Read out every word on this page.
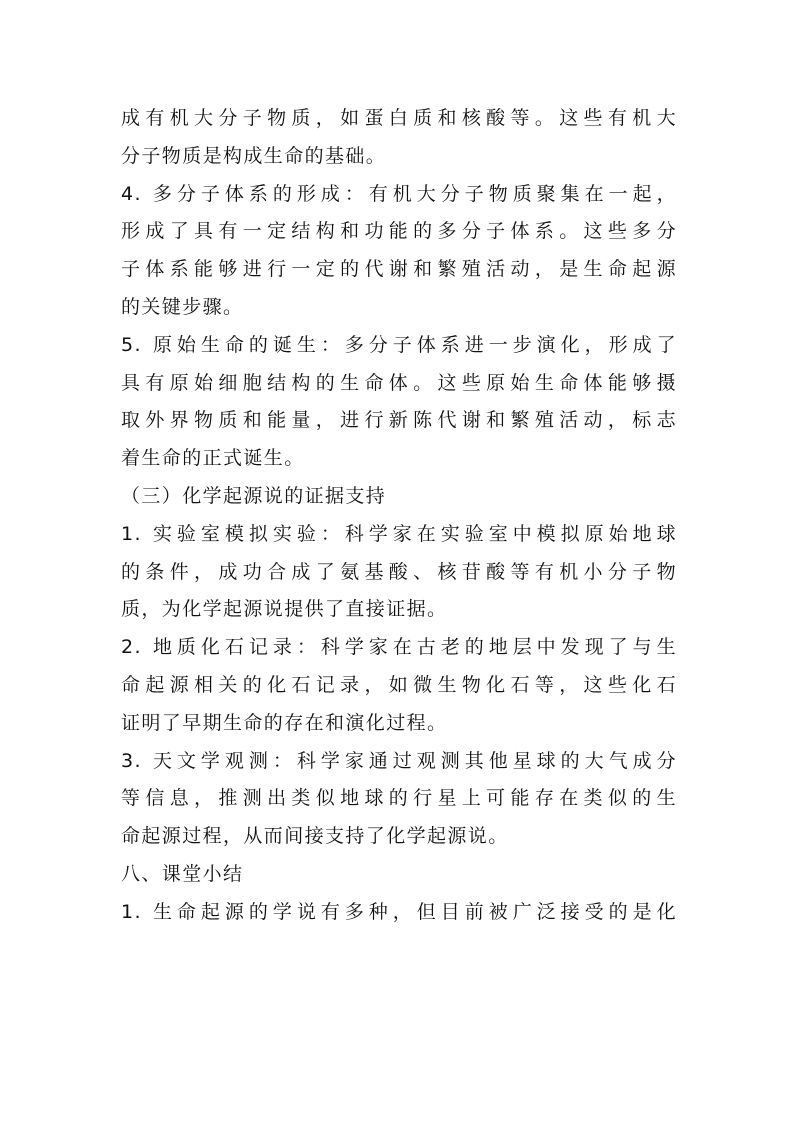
成有机大分子物质，如蛋白质和核酸等。这些有机大
分子物质是构成生命的基础。
4. 多分子体系的形成：有机大分子物质聚集在一起，
形成了具有一定结构和功能的多分子体系。这些多分
子体系能够进行一定的代谢和繁殖活动，是生命起源
的关键步骤。
5. 原始生命的诞生：多分子体系进一步演化，形成了
具有原始细胞结构的生命体。这些原始生命体能够摄
取外界物质和能量，进行新陈代谢和繁殖活动，标志
着生命的正式诞生。
（三）化学起源说的证据支持
1. 实验室模拟实验：科学家在实验室中模拟原始地球
的条件，成功合成了氨基酸、核苷酸等有机小分子物
质，为化学起源说提供了直接证据。
2. 地质化石记录：科学家在古老的地层中发现了与生
命起源相关的化石记录，如微生物化石等，这些化石
证明了早期生命的存在和演化过程。
3. 天文学观测：科学家通过观测其他星球的大气成分
等信息，推测出类似地球的行星上可能存在类似的生
命起源过程，从而间接支持了化学起源说。
八、课堂小结
1. 生命起源的学说有多种，但目前被广泛接受的是化
